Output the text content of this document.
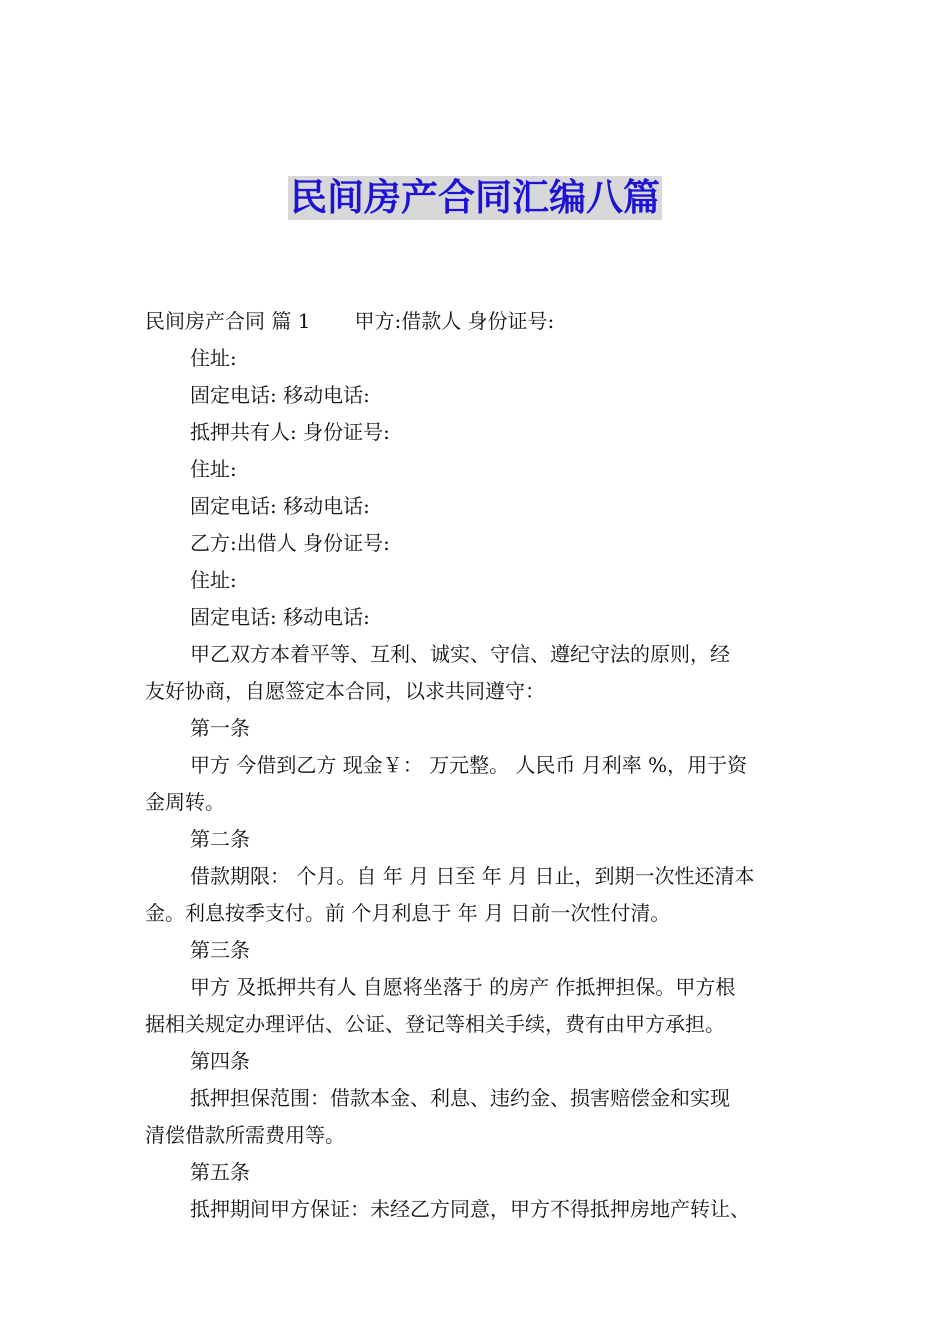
民间房产合同汇编八篇

民间房产合同 篇 1 甲方:借款人 身份证号:

住址:

固定电话: 移动电话:

抵押共有人: 身份证号:

住址:

固定电话: 移动电话:

乙方:出借人 身份证号:

住址:

固定电话: 移动电话:

甲乙双方本着平等、互利、诚实、守信、遵纪守法的原则，经

友好协商，自愿签定本合同，以求共同遵守：

第一条

甲方 今借到乙方 现金￥： 万元整。 人民币 月利率 %，用于资

金周转。

第二条

借款期限： 个月。自 年 月 日至 年 月 日止，到期一次性还清本

金。利息按季支付。前 个月利息于 年 月 日前一次性付清。

第三条

甲方 及抵押共有人 自愿将坐落于 的房产 作抵押担保。甲方根

据相关规定办理评估、公证、登记等相关手续，费有由甲方承担。

第四条

抵押担保范围：借款本金、利息、违约金、损害赔偿金和实现

清偿借款所需费用等。

第五条

抵押期间甲方保证：未经乙方同意，甲方不得抵押房地产转让、
